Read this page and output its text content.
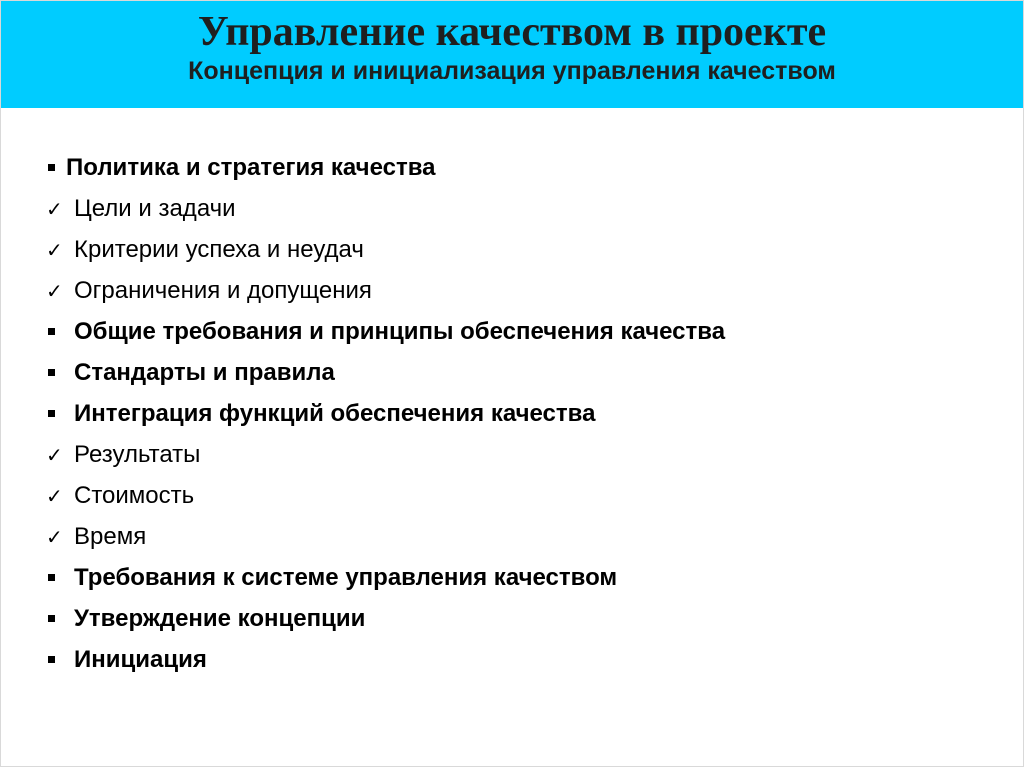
Управление качеством в проекте
Концепция и инициализация управления качеством
Политика и стратегия качества
✓ Цели и задачи
✓ Критерии успеха и неудач
✓ Ограничения и допущения
Общие требования и принципы обеспечения качества
Стандарты и правила
Интеграция функций обеспечения качества
✓ Результаты
✓ Стоимость
✓ Время
Требования к системе управления качеством
Утверждение концепции
Инициация
